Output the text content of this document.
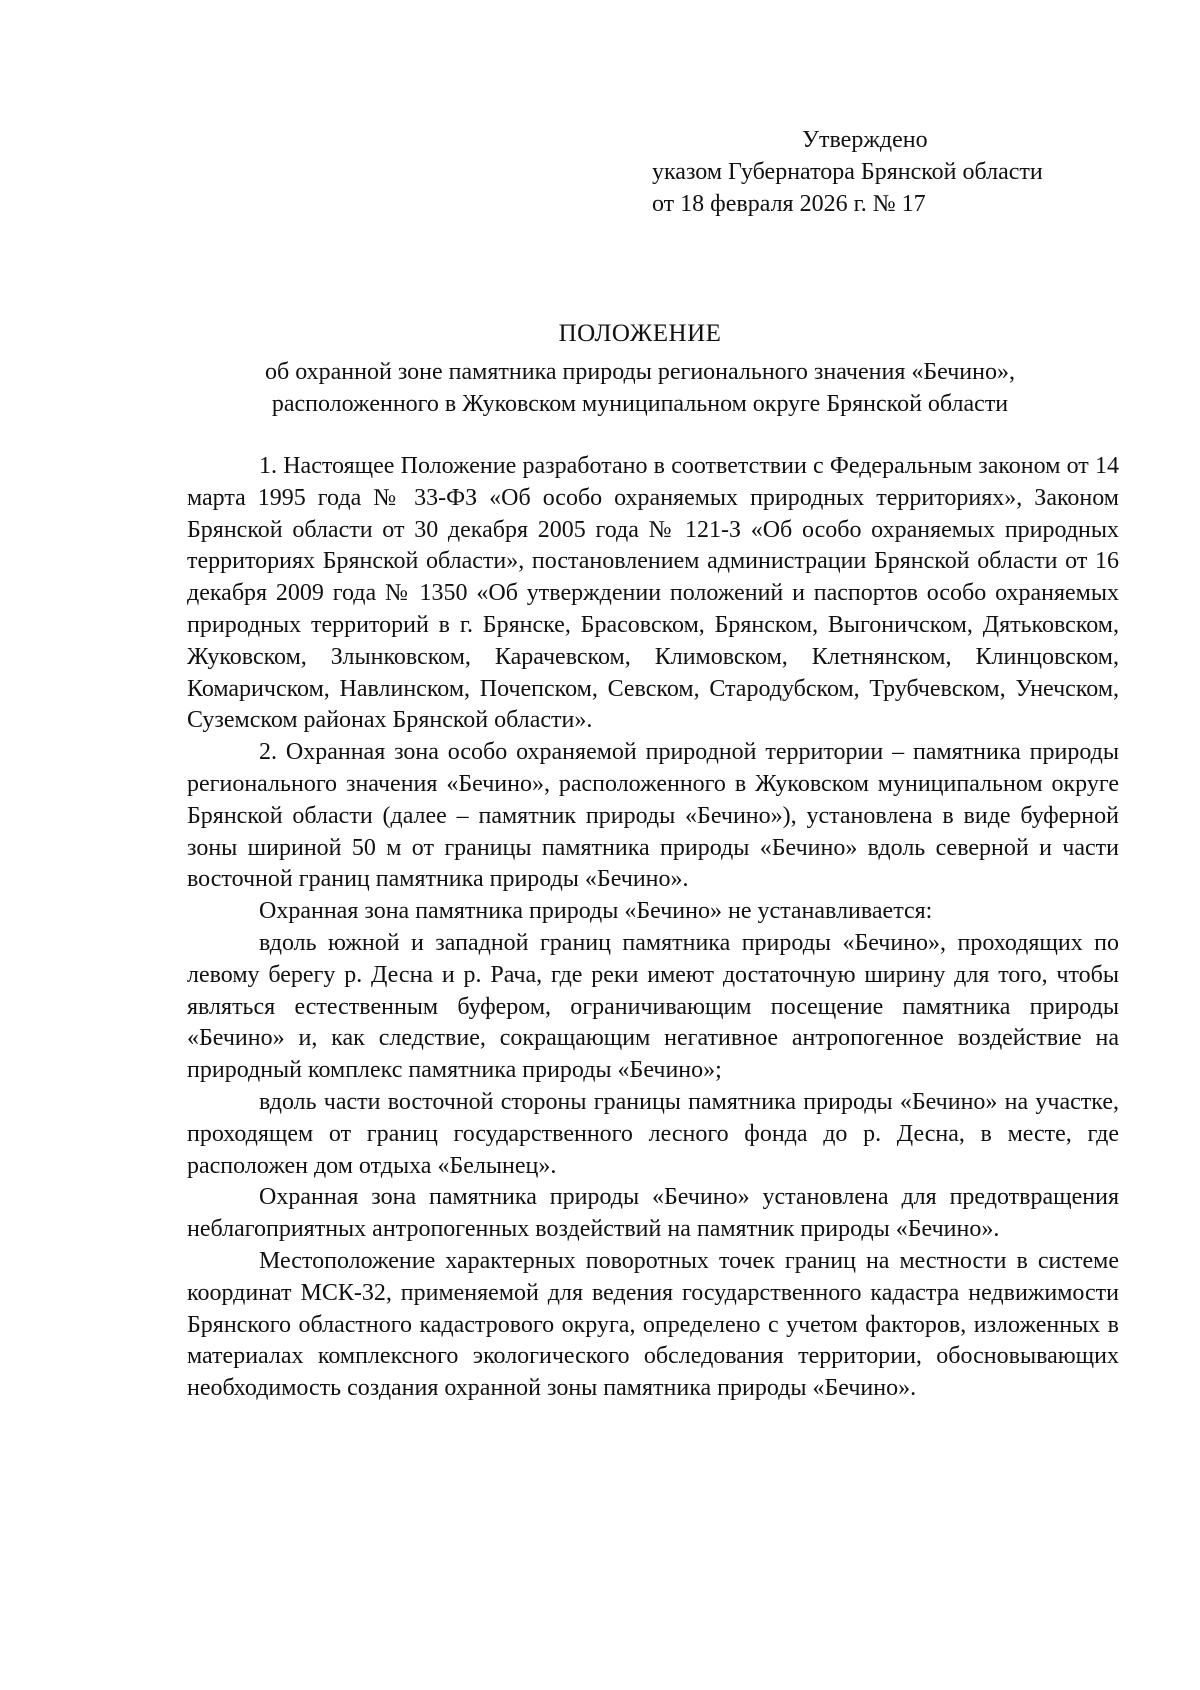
Утверждено
указом Губернатора Брянской области
от 18 февраля 2026 г. № 17
ПОЛОЖЕНИЕ
об охранной зоне памятника природы регионального значения «Бечино»,
расположенного в Жуковском муниципальном округе Брянской области

1. Настоящее Положение разработано в соответствии с Федеральным законом от 14 марта 1995 года № 33-ФЗ «Об особо охраняемых природных территориях», Законом Брянской области от 30 декабря 2005 года № 121-З «Об особо охраняемых природных территориях Брянской области», постановлением администрации Брянской области от 16 декабря 2009 года № 1350 «Об утверждении положений и паспортов особо охраняемых природных территорий в г. Брянске, Брасовском, Брянском, Выгоничском, Дятьковском, Жуковском, Злынковском, Карачевском, Климовском, Клетнянском, Клинцовском, Комаричском, Навлинском, Почепском, Севском, Стародубском, Трубчевском, Унечском, Суземском районах Брянской области».

2. Охранная зона особо охраняемой природной территории – памятника природы регионального значения «Бечино», расположенного в Жуковском муниципальном округе Брянской области (далее – памятник природы «Бечино»), установлена в виде буферной зоны шириной 50 м от границы памятника природы «Бечино» вдоль северной и части восточной границ памятника природы «Бечино».

Охранная зона памятника природы «Бечино» не устанавливается:

вдоль южной и западной границ памятника природы «Бечино», проходящих по левому берегу р. Десна и р. Рача, где реки имеют достаточную ширину для того, чтобы являться естественным буфером, ограничивающим посещение памятника природы «Бечино» и, как следствие, сокращающим негативное антропогенное воздействие на природный комплекс памятника природы «Бечино»;

вдоль части восточной стороны границы памятника природы «Бечино» на участке, проходящем от границ государственного лесного фонда до р. Десна, в месте, где расположен дом отдыха «Белынец».

Охранная зона памятника природы «Бечино» установлена для предотвращения неблагоприятных антропогенных воздействий на памятник природы «Бечино».

Местоположение характерных поворотных точек границ на местности в системе координат МСК-32, применяемой для ведения государственного кадастра недвижимости Брянского областного кадастрового округа, определено с учетом факторов, изложенных в материалах комплексного экологического обследования территории, обосновывающих необходимость создания охранной зоны памятника природы «Бечино».
